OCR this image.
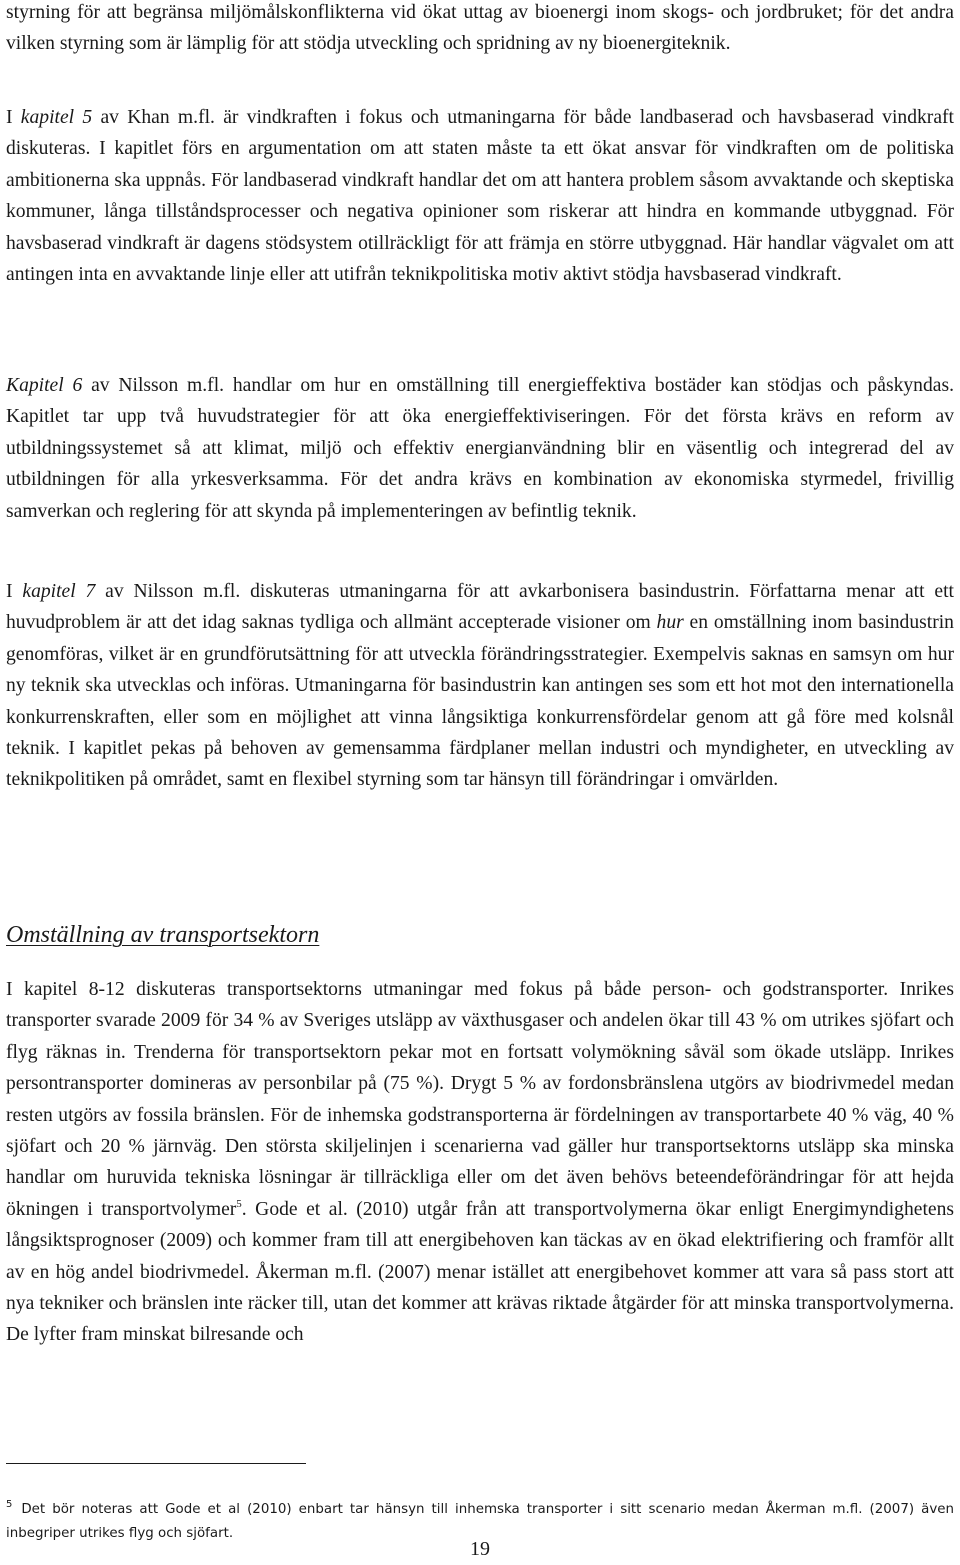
styrning för att begränsa miljömålskonflikterna vid ökat uttag av bioenergi inom skogs- och jordbruket; för det andra vilken styrning som är lämplig för att stödja utveckling och spridning av ny bioenergiteknik.

I kapitel 5 av Khan m.fl. är vindkraften i fokus och utmaningarna för både landbaserad och havsbaserad vindkraft diskuteras. I kapitlet förs en argumentation om att staten måste ta ett ökat ansvar för vindkraften om de politiska ambitionerna ska uppnås. För landbaserad vindkraft handlar det om att hantera problem såsom avvaktande och skeptiska kommuner, långa tillståndsprocesser och negativa opinioner som riskerar att hindra en kommande utbyggnad. För havsbaserad vindkraft är dagens stödsystem otillräckligt för att främja en större utbyggnad. Här handlar vägvalet om att antingen inta en avvaktande linje eller att utifrån teknikpolitiska motiv aktivt stödja havsbaserad vindkraft.

Kapitel 6 av Nilsson m.fl. handlar om hur en omställning till energieffektiva bostäder kan stödjas och påskyndas. Kapitlet tar upp två huvudstrategier för att öka energieffektiviseringen. För det första krävs en reform av utbildningssystemet så att klimat, miljö och effektiv energianvändning blir en väsentlig och integrerad del av utbildningen för alla yrkesverksamma. För det andra krävs en kombination av ekonomiska styrmedel, frivillig samverkan och reglering för att skynda på implementeringen av befintlig teknik.

I kapitel 7 av Nilsson m.fl. diskuteras utmaningarna för att avkarbonisera basindustrin. Författarna menar att ett huvudproblem är att det idag saknas tydliga och allmänt accepterade visioner om hur en omställning inom basindustrin genomföras, vilket är en grundförutsättning för att utveckla förändringsstrategier. Exempelvis saknas en samsyn om hur ny teknik ska utvecklas och införas. Utmaningarna för basindustrin kan antingen ses som ett hot mot den internationella konkurrenskraften, eller som en möjlighet att vinna långsiktiga konkurrensfördelar genom att gå före med kolsnål teknik. I kapitlet pekas på behoven av gemensamma färdplaner mellan industri och myndigheter, en utveckling av teknikpolitiken på området, samt en flexibel styrning som tar hänsyn till förändringar i omvärlden.

Omställning av transportsektorn

I kapitel 8-12 diskuteras transportsektorns utmaningar med fokus på både person- och godstransporter. Inrikes transporter svarade 2009 för 34 % av Sveriges utsläpp av växthusgaser och andelen ökar till 43 % om utrikes sjöfart och flyg räknas in. Trenderna för transportsektorn pekar mot en fortsatt volymökning såväl som ökade utsläpp. Inrikes persontransporter domineras av personbilar på (75 %). Drygt 5 % av fordonsbränslena utgörs av biodrivmedel medan resten utgörs av fossila bränslen. För de inhemska godstransporterna är fördelningen av transportarbete 40 % väg, 40 % sjöfart och 20 % järnväg. Den största skiljelinjen i scenarierna vad gäller hur transportsektorns utsläpp ska minska handlar om huruvida tekniska lösningar är tillräckliga eller om det även behövs beteendeförändringar för att hejda ökningen i transportvolymer$^5$. Gode et al. (2010) utgår från att transportvolymerna ökar enligt Energimyndighetens långsiktsprognoser (2009) och kommer fram till att energibehoven kan täckas av en ökad elektrifiering och framför allt av en hög andel biodrivmedel. Åkerman m.fl. (2007) menar istället att energibehovet kommer att vara så pass stort att nya tekniker och bränslen inte räcker till, utan det kommer att krävas riktade åtgärder för att minska transportvolymerna. De lyfter fram minskat bilresande och

$^5$ Det bör noteras att Gode et al (2010) enbart tar hänsyn till inhemska transporter i sitt scenario medan Åkerman m.fl. (2007) även inbegriper utrikes flyg och sjöfart.
19
